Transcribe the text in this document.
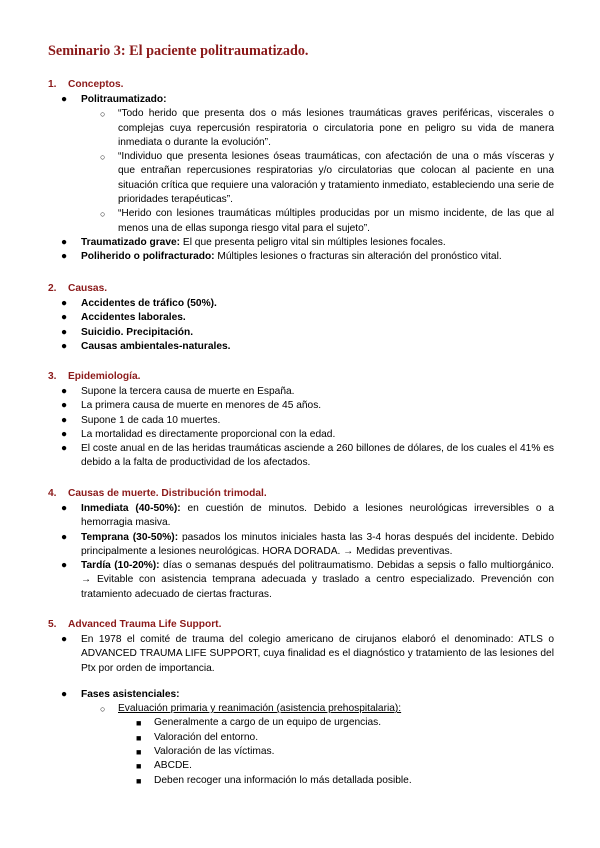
Seminario 3: El paciente politraumatizado.
1. Conceptos.
● Politraumatizado:
○ “Todo herido que presenta dos o más lesiones traumáticas graves periféricas, viscerales o complejas cuya repercusión respiratoria o circulatoria pone en peligro su vida de manera inmediata o durante la evolución”.
○ “Individuo que presenta lesiones óseas traumáticas, con afectación de una o más vísceras y que entrañan repercusiones respiratorias y/o circulatorias que colocan al paciente en una situación crítica que requiere una valoración y tratamiento inmediato, estableciendo una serie de prioridades terapéuticas”.
○ “Herido con lesiones traumáticas múltiples producidas por un mismo incidente, de las que al menos una de ellas suponga riesgo vital para el sujeto”.
● Traumatizado grave: El que presenta peligro vital sin múltiples lesiones focales.
● Poliherido o polifracturado: Múltiples lesiones o fracturas sin alteración del pronóstico vital.
2. Causas.
● Accidentes de tráfico (50%).
● Accidentes laborales.
● Suicidio. Precipitación.
● Causas ambientales-naturales.
3. Epidemiología.
● Supone la tercera causa de muerte en España.
● La primera causa de muerte en menores de 45 años.
● Supone 1 de cada 10 muertes.
● La mortalidad es directamente proporcional con la edad.
● El coste anual en de las heridas traumáticas asciende a 260 billones de dólares, de los cuales el 41% es debido a la falta de productividad de los afectados.
4. Causas de muerte. Distribución trimodal.
● Inmediata (40-50%): en cuestión de minutos. Debido a lesiones neurológicas irreversibles o a hemorragia masiva.
● Temprana (30-50%): pasados los minutos iniciales hasta las 3-4 horas después del incidente. Debido principalmente a lesiones neurológicas. HORA DORADA. → Medidas preventivas.
● Tardía (10-20%): días o semanas después del politraumatismo. Debidas a sepsis o fallo multiorgánico. → Evitable con asistencia temprana adecuada y traslado a centro especializado. Prevención con tratamiento adecuado de ciertas fracturas.
5. Advanced Trauma Life Support.
● En 1978 el comité de trauma del colegio americano de cirujanos elaboró el denominado: ATLS o ADVANCED TRAUMA LIFE SUPPORT, cuya finalidad es el diagnóstico y tratamiento de las lesiones del Ptx por orden de importancia.
● Fases asistenciales:
○ Evaluación primaria y reanimación (asistencia prehospitalaria):
■ Generalmente a cargo de un equipo de urgencias.
■ Valoración del entorno.
■ Valoración de las víctimas.
■ ABCDE.
■ Deben recoger una información lo más detallada posible.
